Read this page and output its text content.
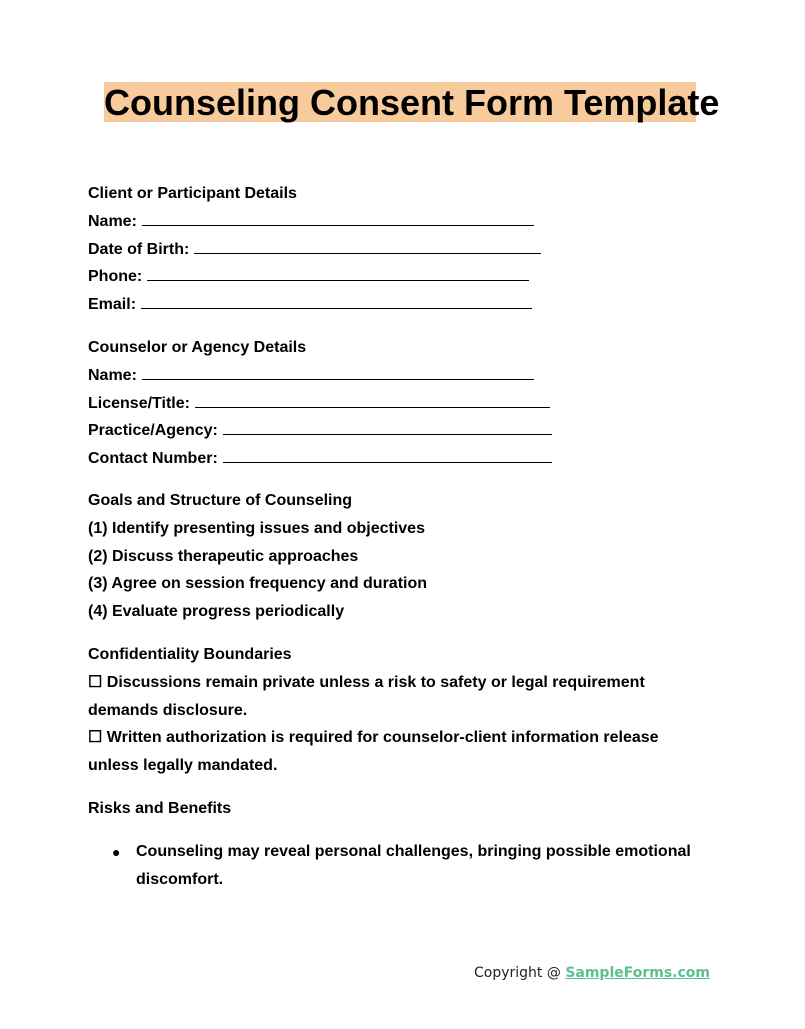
Counseling Consent Form Template
Client or Participant Details
Name:
Date of Birth:
Phone:
Email:
Counselor or Agency Details
Name:
License/Title:
Practice/Agency:
Contact Number:
Goals and Structure of Counseling
(1) Identify presenting issues and objectives
(2) Discuss therapeutic approaches
(3) Agree on session frequency and duration
(4) Evaluate progress periodically
Confidentiality Boundaries
☐ Discussions remain private unless a risk to safety or legal requirement
demands disclosure.
☐ Written authorization is required for counselor-client information release
unless legally mandated.
Risks and Benefits
● Counseling may reveal personal challenges, bringing possible emotional
discomfort.
Copyright @ SampleForms.com
